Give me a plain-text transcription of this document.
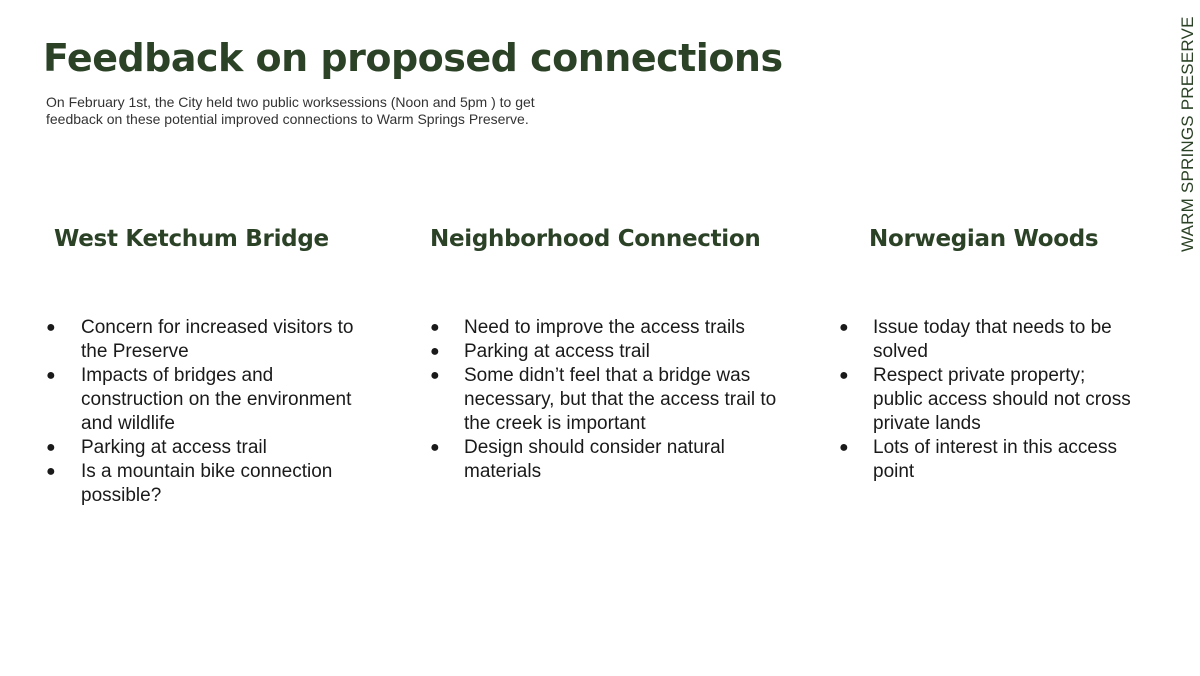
Feedback on proposed connections

On February 1st, the City held two public worksessions (Noon and 5pm ) to get feedback on these potential improved connections to Warm Springs Preserve.	WARM SPRINGS PRESERVE
West Ketchum Bridge
● Concern for increased visitors to the Preserve
● Impacts of bridges and construction on the environment and wildlife
● Parking at access trail
● Is a mountain bike connection possible?
Neighborhood Connection
● Need to improve the access trails
● Parking at access trail
● Some didn’t feel that a bridge was necessary, but that the access trail to the creek is important
● Design should consider natural materials
Norwegian Woods
● Issue today that needs to be solved
● Respect private property; public access should not cross private lands
● Lots of interest in this access point
